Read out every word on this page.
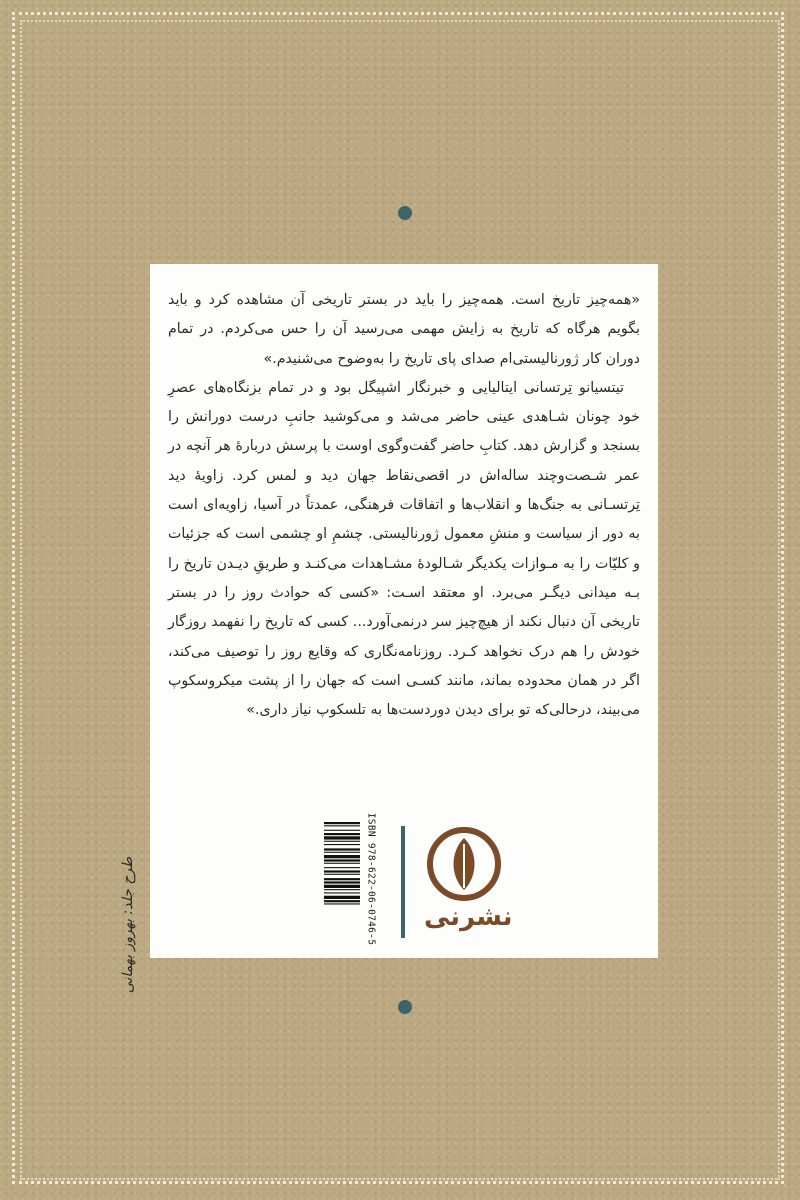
«همه‌چیز تاریخ است. همه‌چیز را باید در بستر تاریخی آن مشاهده کرد و باید بگویم هرگاه که تاریخ به زایش مهمی می‌رسید آن را حس می‌کردم. در تمام دوران کار ژورنالیستی‌ام صدای پای تاریخ را به‌وضوح می‌شنیدم.»

تیتسیانو تِرتسانی ایتالیایی و خبرنگار اشپیگل بود و در تمام بزنگاه‌های عصرِ خود چونان شـاهدی عینی حاضر می‌شد و می‌کوشید جانبِ درست دورانش را بسنجد و گزارش دهد. کتابِ حاضر گفت‌وگوی اوست با پرسش دربارهٔ هر آنچه در عمر شـصت‌وچند ساله‌اش در اقصی‌نقاط جهان دید و لمس کرد. زاویهٔ دید تِرتسـانی به جنگ‌ها و انقلاب‌ها و اتفاقات فرهنگی، عمدتاً در آسیا، زاویه‌ای است به دور از سیاست و منشِ معمول ژورنالیستی. چشمِ او چشمی است که جزئیات و کلیّات را به مـوازات یکدیگر شـالودهٔ مشـاهدات می‌کنـد و طریقِ دیـدن تاریخ را بـه میدانی دیگـر می‌برد. او معتقد اسـت: «کسی که حوادث روز را در بستر تاریخی آن دنبال نکند از هیچ‌چیز سر درنمی‌آورد... کسی که تاریخ را نفهمد روزگار خودش را هم درک نخواهد کـرد. روزنامه‌نگاری که وقایع روز را توصیف می‌کند، اگر در همان محدوده بماند، مانند کسـی است که جهان را از پشت میکروسکوپ می‌بیند، درحالی‌که تو برای دیدن دوردست‌ها به تلسکوپ نیاز داری.»

ISBN 978-622-06-0746-5 نشرنی
طرح جلد: بهروز بهمانی
